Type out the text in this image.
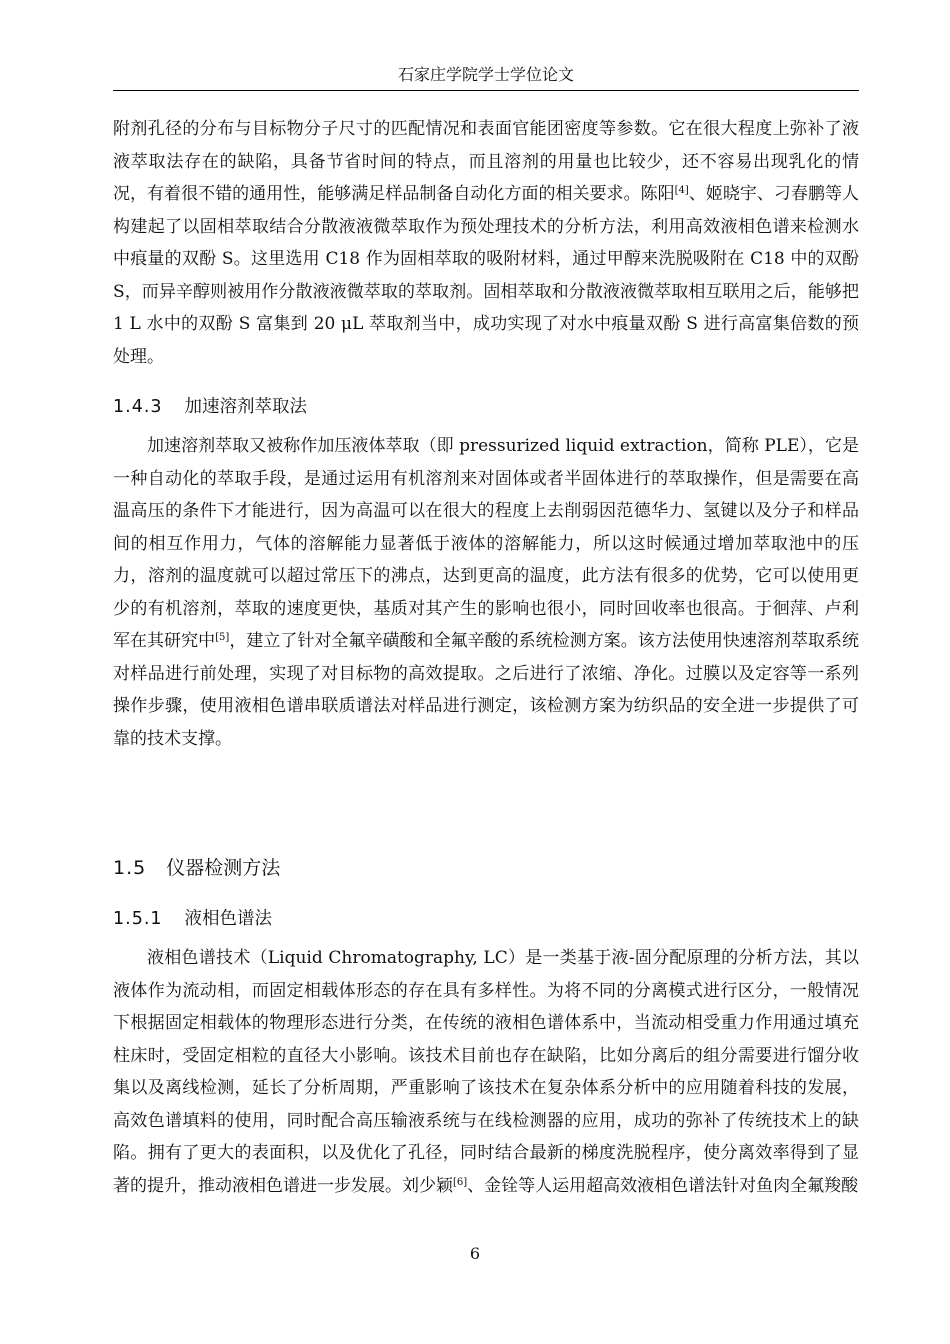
石家庄学院学士学位论文
附剂孔径的分布与目标物分子尺寸的匹配情况和表面官能团密度等参数。它在很大程度上弥补了液液萃取法存在的缺陷，具备节省时间的特点，而且溶剂的用量也比较少，还不容易出现乳化的情况，有着很不错的通用性，能够满足样品制备自动化方面的相关要求。陈阳[4]、姬晓宇、刁春鹏等人构建起了以固相萃取结合分散液液微萃取作为预处理技术的分析方法，利用高效液相色谱来检测水中痕量的双酚 S。这里选用 C18 作为固相萃取的吸附材料，通过甲醇来洗脱吸附在 C18 中的双酚 S，而异辛醇则被用作分散液液微萃取的萃取剂。固相萃取和分散液液微萃取相互联用之后，能够把 1 L 水中的双酚 S 富集到 20 μL 萃取剂当中，成功实现了对水中痕量双酚 S 进行高富集倍数的预处理。
1.4.3 加速溶剂萃取法
加速溶剂萃取又被称作加压液体萃取（即 pressurized liquid extraction，简称 PLE），它是一种自动化的萃取手段，是通过运用有机溶剂来对固体或者半固体进行的萃取操作，但是需要在高温高压的条件下才能进行，因为高温可以在很大的程度上去削弱因范德华力、氢键以及分子和样品间的相互作用力，气体的溶解能力显著低于液体的溶解能力，所以这时候通过增加萃取池中的压力，溶剂的温度就可以超过常压下的沸点，达到更高的温度，此方法有很多的优势，它可以使用更少的有机溶剂，萃取的速度更快，基质对其产生的影响也很小，同时回收率也很高。于徊萍、卢利军在其研究中[5]，建立了针对全氟辛磺酸和全氟辛酸的系统检测方案。该方法使用快速溶剂萃取系统对样品进行前处理，实现了对目标物的高效提取。之后进行了浓缩、净化。过膜以及定容等一系列操作步骤，使用液相色谱串联质谱法对样品进行测定，该检测方案为纺织品的安全进一步提供了可靠的技术支撑。
1.5 仪器检测方法
1.5.1 液相色谱法
液相色谱技术（Liquid Chromatography, LC）是一类基于液-固分配原理的分析方法，其以液体作为流动相，而固定相载体形态的存在具有多样性。为将不同的分离模式进行区分，一般情况下根据固定相载体的物理形态进行分类，在传统的液相色谱体系中，当流动相受重力作用通过填充柱床时，受固定相粒的直径大小影响。该技术目前也存在缺陷，比如分离后的组分需要进行馏分收集以及离线检测，延长了分析周期，严重影响了该技术在复杂体系分析中的应用随着科技的发展，高效色谱填料的使用，同时配合高压输液系统与在线检测器的应用，成功的弥补了传统技术上的缺陷。拥有了更大的表面积，以及优化了孔径，同时结合最新的梯度洗脱程序，使分离效率得到了显著的提升，推动液相色谱进一步发展。刘少颖[6]、金铨等人运用超高效液相色谱法针对鱼肉全氟羧酸
6
